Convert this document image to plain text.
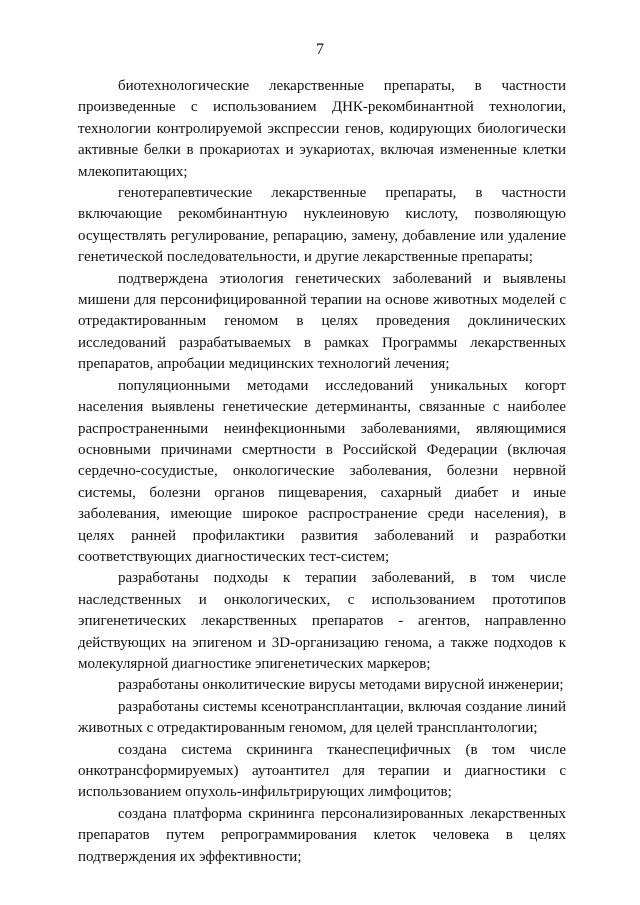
7

биотехнологические лекарственные препараты, в частности произведенные с использованием ДНК-рекомбинантной технологии, технологии контролируемой экспрессии генов, кодирующих биологически активные белки в прокариотах и эукариотах, включая измененные клетки млекопитающих;

генотерапевтические лекарственные препараты, в частности включающие рекомбинантную нуклеиновую кислоту, позволяющую осуществлять регулирование, репарацию, замену, добавление или удаление генетической последовательности, и другие лекарственные препараты;

подтверждена этиология генетических заболеваний и выявлены мишени для персонифицированной терапии на основе животных моделей с отредактированным геномом в целях проведения доклинических исследований разрабатываемых в рамках Программы лекарственных препаратов, апробации медицинских технологий лечения;

популяционными методами исследований уникальных когорт населения выявлены генетические детерминанты, связанные с наиболее распространенными неинфекционными заболеваниями, являющимися основными причинами смертности в Российской Федерации (включая сердечно-сосудистые, онкологические заболевания, болезни нервной системы, болезни органов пищеварения, сахарный диабет и иные заболевания, имеющие широкое распространение среди населения), в целях ранней профилактики развития заболеваний и разработки соответствующих диагностических тест-систем;

разработаны подходы к терапии заболеваний, в том числе наследственных и онкологических, с использованием прототипов эпигенетических лекарственных препаратов - агентов, направленно действующих на эпигеном и 3D-организацию генома, а также подходов к молекулярной диагностике эпигенетических маркеров;

разработаны онколитические вирусы методами вирусной инженерии;

разработаны системы ксенотрансплантации, включая создание линий животных с отредактированным геномом, для целей трансплантологии;

создана система скрининга тканеспецифичных (в том числе онкотрансформируемых) аутоантител для терапии и диагностики с использованием опухоль-инфильтрирующих лимфоцитов;

создана платформа скрининга персонализированных лекарственных препаратов путем репрограммирования клеток человека в целях подтверждения их эффективности;
